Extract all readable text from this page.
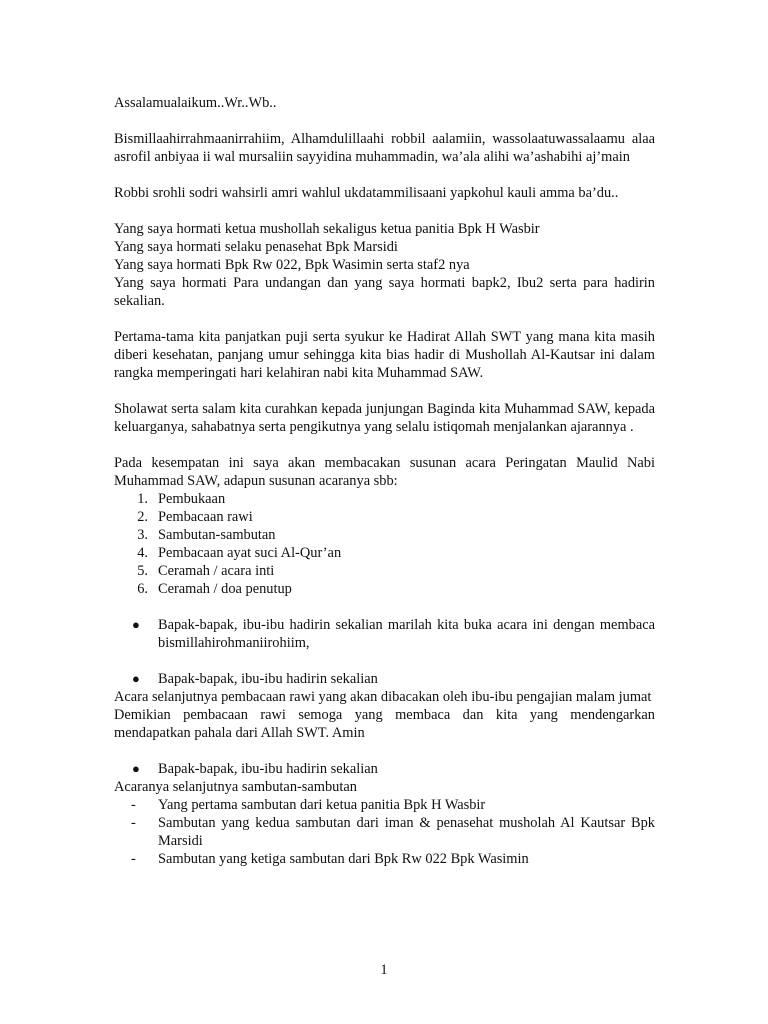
Assalamualaikum..Wr..Wb..

Bismillaahirrahmaanirrahiim, Alhamdulillaahi robbil aalamiin, wassolaatuwassalaamu alaa asrofil anbiyaa ii wal mursaliin sayyidina muhammadin, wa’ala alihi wa’ashabihi aj’main

Robbi srohli sodri wahsirli amri wahlul ukdatammilisaani yapkohul kauli amma ba’du..

Yang saya hormati ketua mushollah sekaligus ketua panitia Bpk H Wasbir

Yang saya hormati selaku penasehat Bpk Marsidi

Yang saya hormati Bpk Rw 022, Bpk Wasimin serta staf2 nya

Yang saya hormati Para undangan dan yang saya hormati bapk2, Ibu2 serta para hadirin sekalian.

Pertama-tama kita panjatkan puji serta syukur ke Hadirat Allah SWT yang mana kita masih diberi kesehatan, panjang umur sehingga kita bias hadir di Mushollah Al-Kautsar ini dalam rangka memperingati hari kelahiran nabi kita Muhammad SAW.

Sholawat serta salam kita curahkan kepada junjungan Baginda kita Muhammad SAW, kepada keluarganya, sahabatnya serta pengikutnya yang selalu istiqomah menjalankan ajarannya .

Pada kesempatan ini saya akan membacakan susunan acara Peringatan Maulid Nabi Muhammad SAW, adapun susunan acaranya sbb:

1. Pembukaan
2. Pembacaan rawi
3. Sambutan-sambutan
4. Pembacaan ayat suci Al-Qur’an
5. Ceramah / acara inti
6. Ceramah / doa penutup
● Bapak-bapak, ibu-ibu hadirin sekalian marilah kita buka acara ini dengan membaca bismillahirohmaniirohiim,
● Bapak-bapak, ibu-ibu hadirin sekalian

Acara selanjutnya pembacaan rawi yang akan dibacakan oleh ibu-ibu pengajian malam jumat

Demikian pembacaan rawi semoga yang membaca dan kita yang mendengarkan mendapatkan pahala dari Allah SWT. Amin

● Bapak-bapak, ibu-ibu hadirin sekalian

Acaranya selanjutnya sambutan-sambutan

- Yang pertama sambutan dari ketua panitia Bpk H Wasbir
- Sambutan yang kedua sambutan dari iman & penasehat musholah Al Kautsar Bpk Marsidi
- Sambutan yang ketiga sambutan dari Bpk Rw 022 Bpk Wasimin
1
